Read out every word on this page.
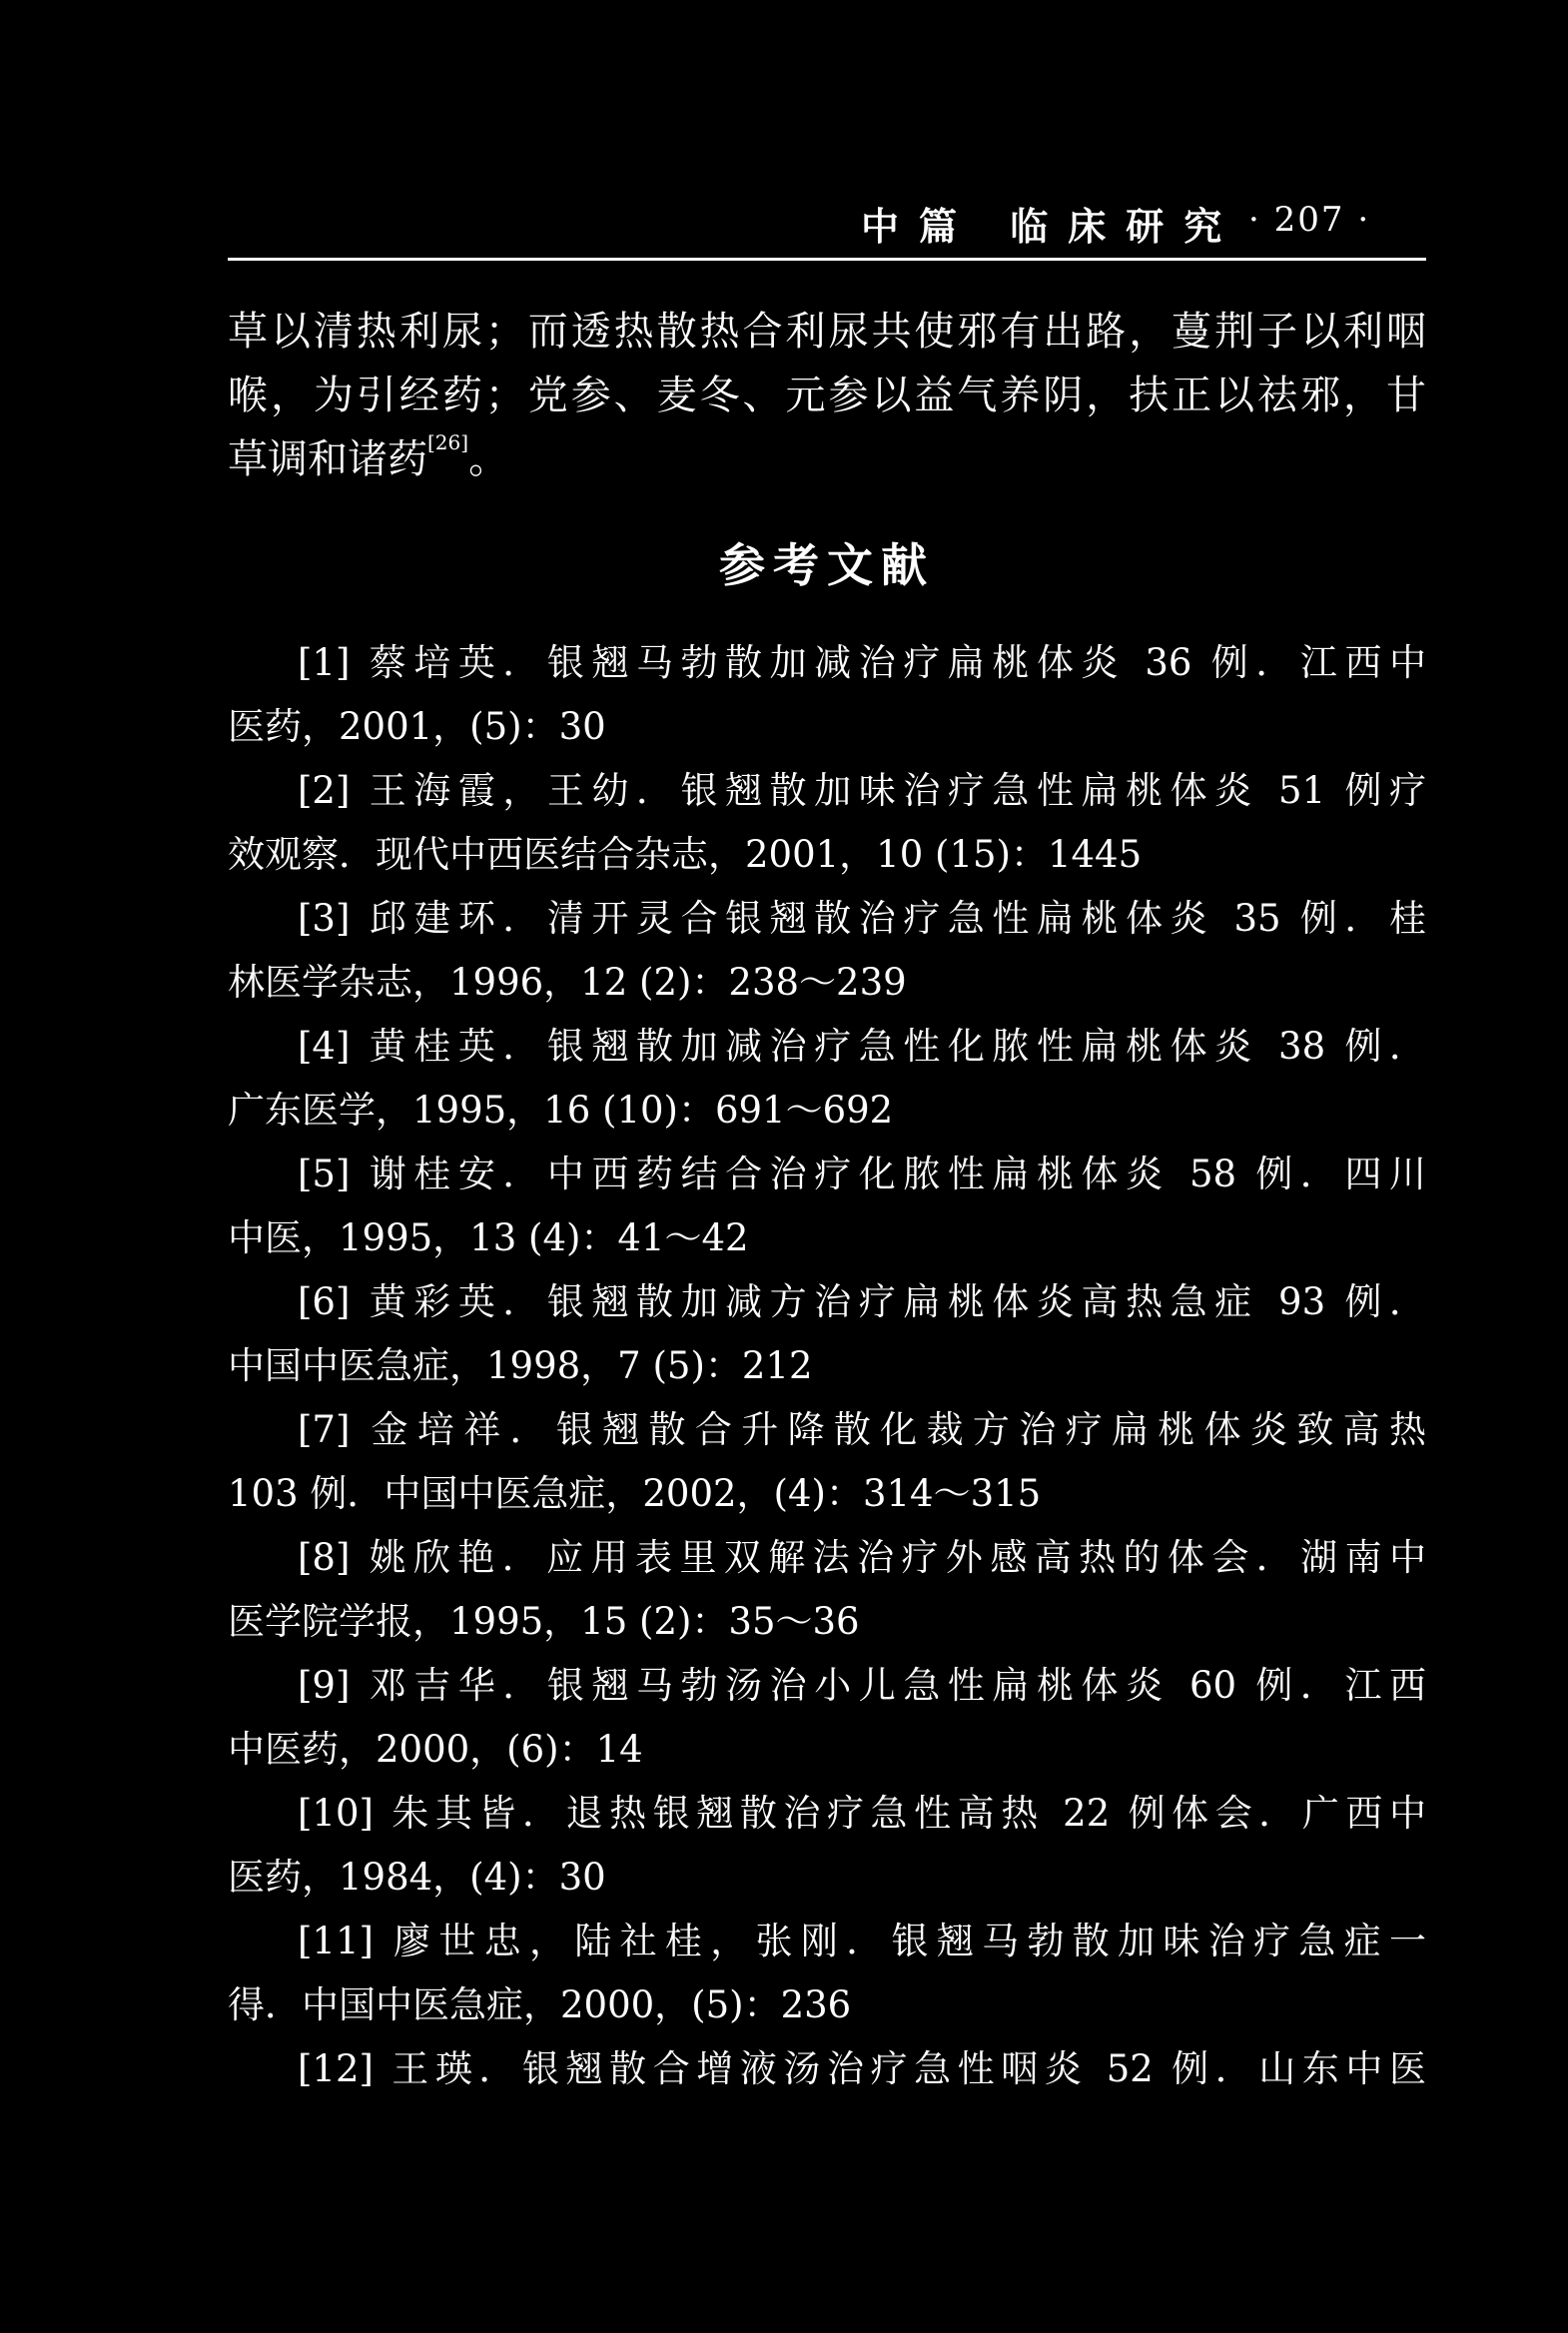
中篇 临床研究 · 207 ·
草以清热利尿；而透热散热合利尿共使邪有出路，蔓荆子以利咽
喉，为引经药；党参、麦冬、元参以益气养阴，扶正以祛邪，甘
草调和诸药[26]。
参考文献
[1] 蔡培英．银翘马勃散加减治疗扁桃体炎 36 例．江西中
医药，2001，(5)：30
[2] 王海霞，王幼．银翘散加味治疗急性扁桃体炎 51 例疗
效观察．现代中西医结合杂志，2001，10 (15)：1445
[3] 邱建环．清开灵合银翘散治疗急性扁桃体炎 35 例．桂
林医学杂志，1996，12 (2)：238～239
[4] 黄桂英．银翘散加减治疗急性化脓性扁桃体炎 38 例．
广东医学，1995，16 (10)：691～692
[5] 谢桂安．中西药结合治疗化脓性扁桃体炎 58 例．四川
中医，1995，13 (4)：41～42
[6] 黄彩英．银翘散加减方治疗扁桃体炎高热急症 93 例．
中国中医急症，1998，7 (5)：212
[7] 金培祥．银翘散合升降散化裁方治疗扁桃体炎致高热
103 例．中国中医急症，2002，(4)：314～315
[8] 姚欣艳．应用表里双解法治疗外感高热的体会．湖南中
医学院学报，1995，15 (2)：35～36
[9] 邓吉华．银翘马勃汤治小儿急性扁桃体炎 60 例．江西
中医药，2000，(6)：14
[10] 朱其皆．退热银翘散治疗急性高热 22 例体会．广西中
医药，1984，(4)：30
[11] 廖世忠，陆社桂，张刚．银翘马勃散加味治疗急症一
得．中国中医急症，2000，(5)：236
[12] 王瑛．银翘散合增液汤治疗急性咽炎 52 例．山东中医
